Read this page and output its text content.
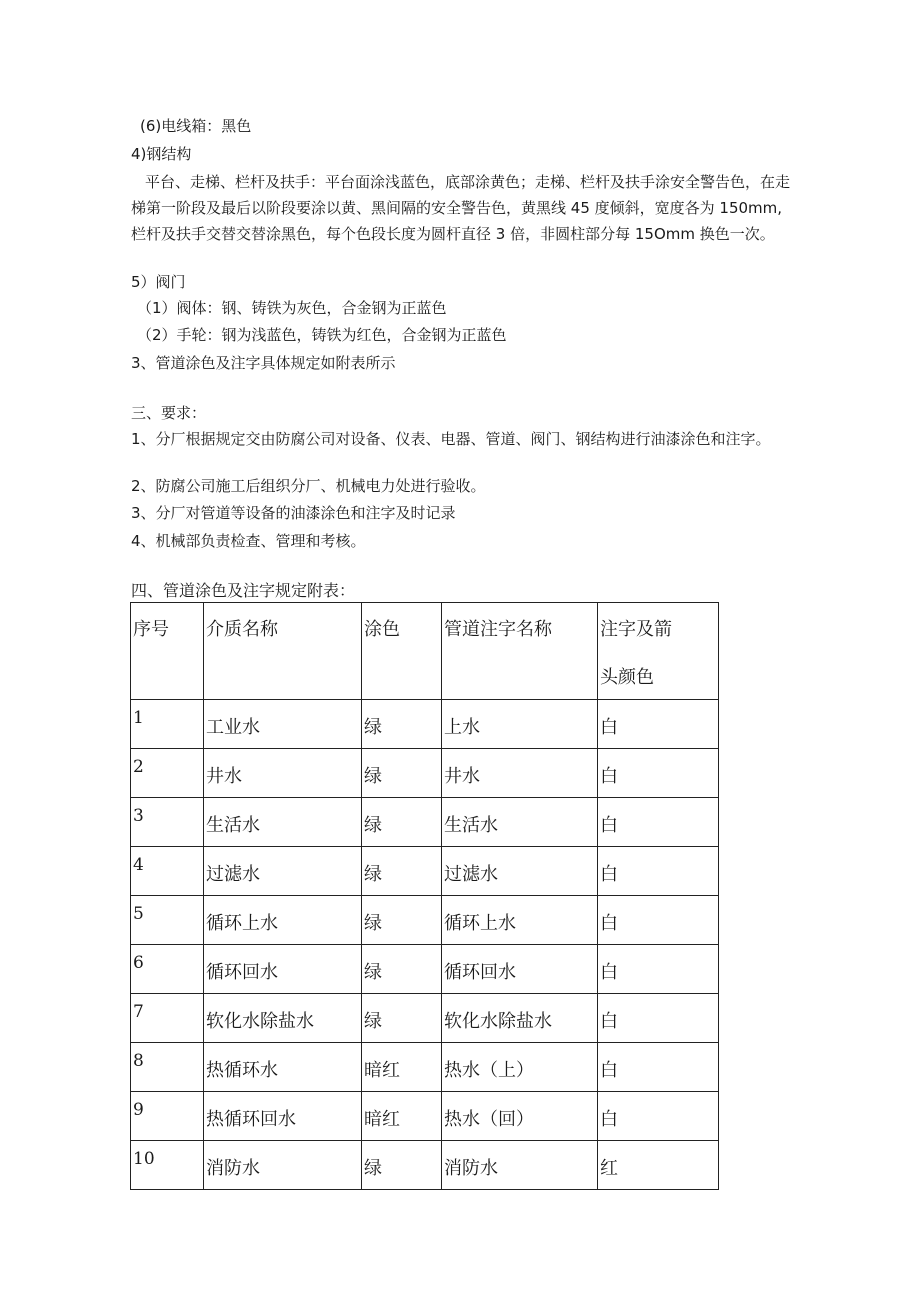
(6)电线箱：黑色
4)钢结构
平台、走梯、栏杆及扶手：平台面涂浅蓝色，底部涂黄色；走梯、栏杆及扶手涂安全警告色，在走梯第一阶段及最后以阶段要涂以黄、黑间隔的安全警告色，黄黑线 45 度倾斜，宽度各为 150mm,栏杆及扶手交替交替涂黑色，每个色段长度为圆杆直径 3 倍，非圆柱部分每 15Omm 换色一次。
5）阀门
（1）阀体：钢、铸铁为灰色，合金钢为正蓝色
（2）手轮：钢为浅蓝色，铸铁为红色，合金钢为正蓝色
3、管道涂色及注字具体规定如附表所示
三、要求：
1、分厂根据规定交由防腐公司对设备、仪表、电器、管道、阀门、钢结构进行油漆涂色和注字。
2、防腐公司施工后组织分厂、机械电力处进行验收。
3、分厂对管道等设备的油漆涂色和注字及时记录
4、机械部负责检查、管理和考核。
四、管道涂色及注字规定附表：
序号	介质名称	涂色	管道注字名称	注字及箭
头颜色

1	工业水	绿	上水	白
2	井水	绿	井水	白
3	生活水	绿	生活水	白
4	过滤水	绿	过滤水	白
5	循环上水	绿	循环上水	白
6	循环回水	绿	循环回水	白
7	软化水除盐水	绿	软化水除盐水	白
8	热循环水	暗红	热水（上）	白
9	热循环回水	暗红	热水（回）	白
10	消防水	绿	消防水	红
